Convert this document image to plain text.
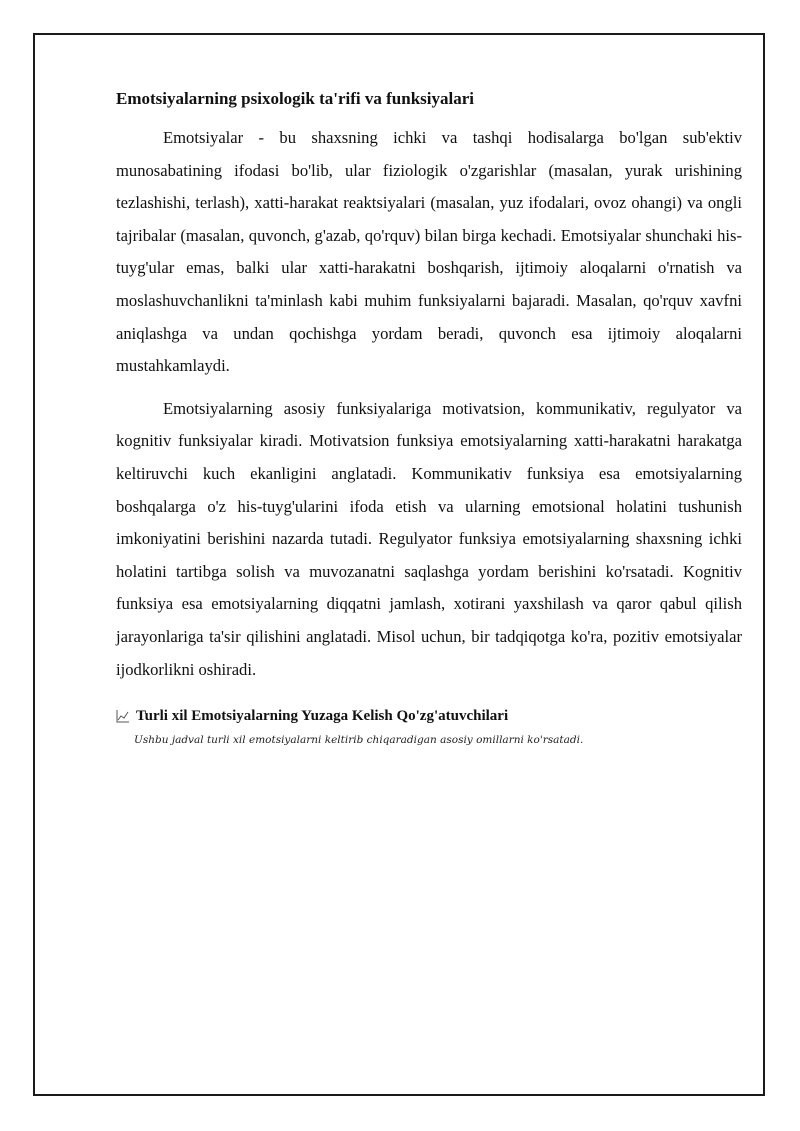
Emotsiyalarning psixologik ta'rifi va funksiyalari

Emotsiyalar - bu shaxsning ichki va tashqi hodisalarga bo'lgan sub'ektiv munosabatining ifodasi bo'lib, ular fiziologik o'zgarishlar (masalan, yurak urishining tezlashishi, terlash), xatti-harakat reaktsiyalari (masalan, yuz ifodalari, ovoz ohangi) va ongli tajribalar (masalan, quvonch, g'azab, qo'rquv) bilan birga kechadi. Emotsiyalar shunchaki his-tuyg'ular emas, balki ular xatti-harakatni boshqarish, ijtimoiy aloqalarni o'rnatish va moslashuvchanlikni ta'minlash kabi muhim funksiyalarni bajaradi. Masalan, qo'rquv xavfni aniqlashga va undan qochishga yordam beradi, quvonch esa ijtimoiy aloqalarni mustahkamlaydi.

Emotsiyalarning asosiy funksiyalariga motivatsion, kommunikativ, regulyator va kognitiv funksiyalar kiradi. Motivatsion funksiya emotsiyalarning xatti-harakatni harakatga keltiruvchi kuch ekanligini anglatadi. Kommunikativ funksiya esa emotsiyalarning boshqalarga o'z his-tuyg'ularini ifoda etish va ularning emotsional holatini tushunish imkoniyatini berishini nazarda tutadi. Regulyator funksiya emotsiyalarning shaxsning ichki holatini tartibga solish va muvozanatni saqlashga yordam berishini ko'rsatadi. Kognitiv funksiya esa emotsiyalarning diqqatni jamlash, xotirani yaxshilash va qaror qabul qilish jarayonlariga ta'sir qilishini anglatadi. Misol uchun, bir tadqiqotga ko'ra, pozitiv emotsiyalar ijodkorlikni oshiradi.

Turli xil Emotsiyalarning Yuzaga Kelish Qo'zg'atuvchilari
Ushbu jadval turli xil emotsiyalarni keltirib chiqaradigan asosiy omillarni ko'rsatadi.
